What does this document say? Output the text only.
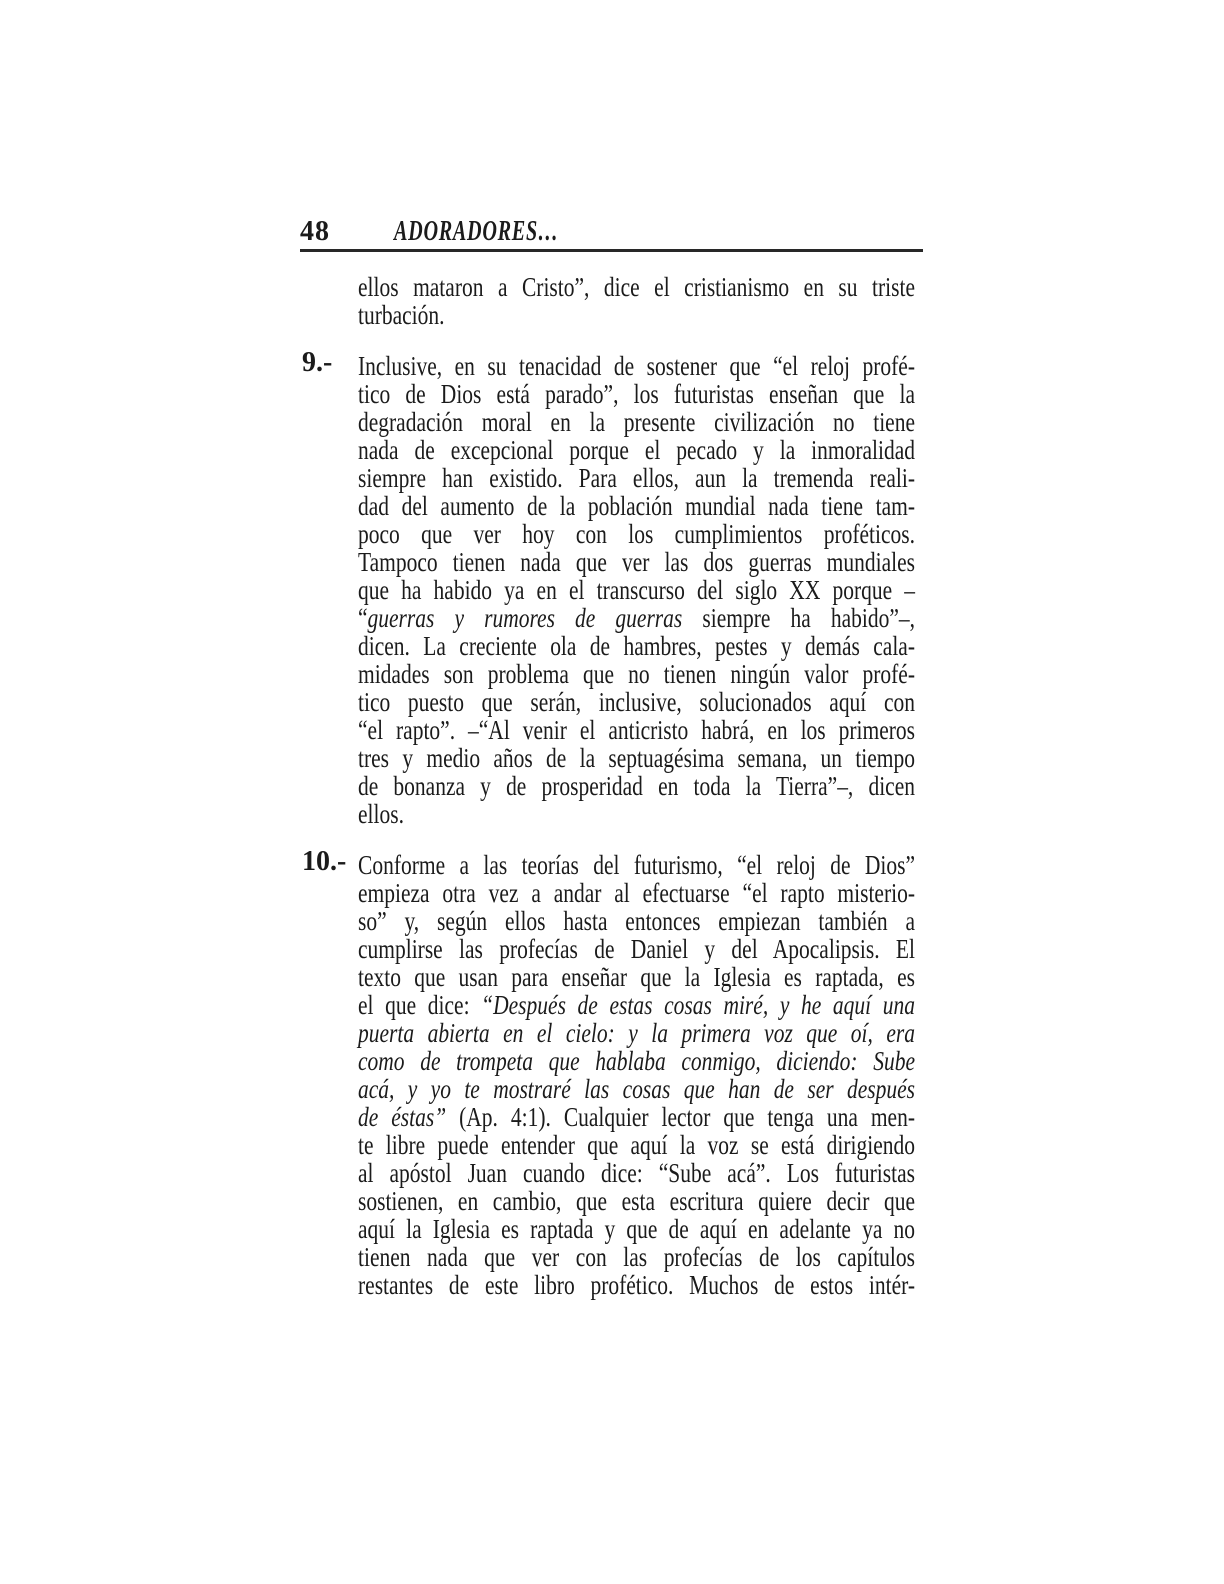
48 ADORADORES…
ellos mataron a Cristo”, dice el cristianismo en su triste
turbación.
9.- Inclusive, en su tenacidad de sostener que “el reloj profé-
tico de Dios está parado”, los futuristas enseñan que la
degradación moral en la presente civilización no tiene
nada de excepcional porque el pecado y la inmoralidad
siempre han existido. Para ellos, aun la tremenda reali-
dad del aumento de la población mundial nada tiene tam-
poco que ver hoy con los cumplimientos proféticos.
Tampoco tienen nada que ver las dos guerras mundiales
que ha habido ya en el transcurso del siglo XX porque –
“guerras y rumores de guerras siempre ha habido”–,
dicen. La creciente ola de hambres, pestes y demás cala-
midades son problema que no tienen ningún valor profé-
tico puesto que serán, inclusive, solucionados aquí con
“el rapto”. –“Al venir el anticristo habrá, en los primeros
tres y medio años de la septuagésima semana, un tiempo
de bonanza y de prosperidad en toda la Tierra”–, dicen
ellos.
10.- Conforme a las teorías del futurismo, “el reloj de Dios”
empieza otra vez a andar al efectuarse “el rapto misterio-
so” y, según ellos hasta entonces empiezan también a
cumplirse las profecías de Daniel y del Apocalipsis. El
texto que usan para enseñar que la Iglesia es raptada, es
el que dice: “Después de estas cosas miré, y he aquí una
puerta abierta en el cielo: y la primera voz que oí, era
como de trompeta que hablaba conmigo, diciendo: Sube
acá, y yo te mostraré las cosas que han de ser después
de éstas” (Ap. 4:1). Cualquier lector que tenga una men-
te libre puede entender que aquí la voz se está dirigiendo
al apóstol Juan cuando dice: “Sube acá”. Los futuristas
sostienen, en cambio, que esta escritura quiere decir que
aquí la Iglesia es raptada y que de aquí en adelante ya no
tienen nada que ver con las profecías de los capítulos
restantes de este libro profético. Muchos de estos intér-
